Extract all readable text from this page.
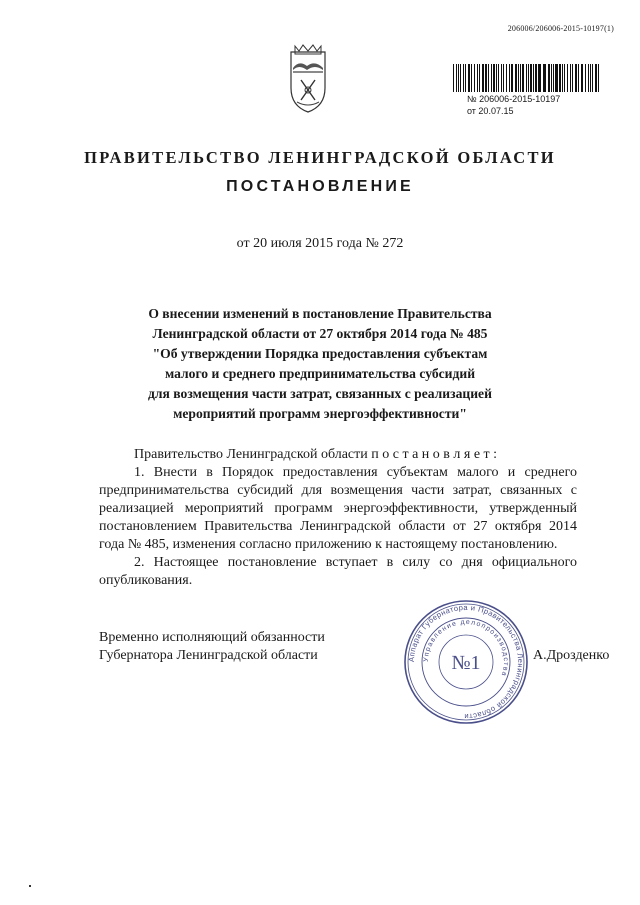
206006/206006-2015-10197(1)
№ 206006-2015-10197
от 20.07.15
ПРАВИТЕЛЬСТВО ЛЕНИНГРАДСКОЙ ОБЛАСТИ
ПОСТАНОВЛЕНИЕ
от 20 июля 2015 года № 272
О внесении изменений в постановление Правительства
Ленинградской области от 27 октября 2014 года № 485
"Об утверждении Порядка предоставления субъектам
малого и среднего предпринимательства субсидий
для возмещения части затрат, связанных с реализацией
мероприятий программ энергоэффективности"

Правительство Ленинградской области п о с т а н о в л я е т :

1. Внести в Порядок предоставления субъектам малого и среднего предпринимательства субсидий для возмещения части затрат, связанных с реализацией мероприятий программ энергоэффективности, утвержденный постановлением Правительства Ленинградской области от 27 октября 2014 года № 485, изменения согласно приложению к настоящему постановлению.

2. Настоящее постановление вступает в силу со дня официального опубликования.

Временно исполняющий обязанности
Губернатора Ленинградской области	Аппарат Губернатора и Правительства Ленинградской области
Управление делопроизводства
№1	А.Дрозденко
